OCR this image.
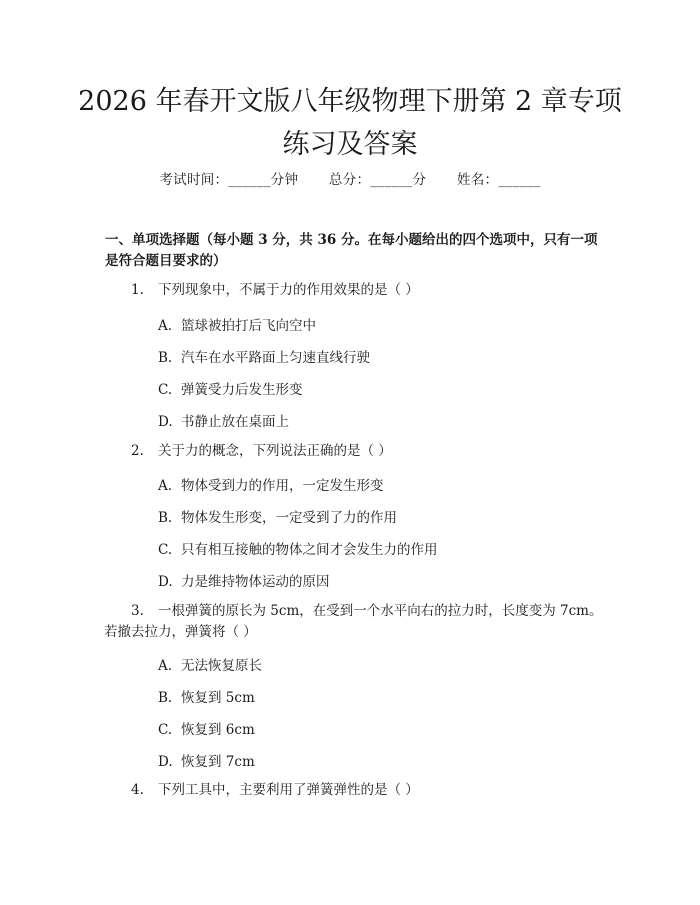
2026 年春开文版八年级物理下册第 2 章专项
练习及答案
考试时间：______分钟 总分：______分 姓名：______
一、单项选择题（每小题 3 分，共 36 分。在每小题给出的四个选项中，只有一项是符合题目要求的）
1. 下列现象中，不属于力的作用效果的是（ ）
A. 篮球被拍打后飞向空中
B. 汽车在水平路面上匀速直线行驶
C. 弹簧受力后发生形变
D. 书静止放在桌面上
2. 关于力的概念，下列说法正确的是（ ）
A. 物体受到力的作用，一定发生形变
B. 物体发生形变，一定受到了力的作用
C. 只有相互接触的物体之间才会发生力的作用
D. 力是维持物体运动的原因
3. 一根弹簧的原长为 5cm，在受到一个水平向右的拉力时，长度变为 7cm。
若撤去拉力，弹簧将（ ）
A. 无法恢复原长
B. 恢复到 5cm
C. 恢复到 6cm
D. 恢复到 7cm
4. 下列工具中，主要利用了弹簧弹性的是（ ）
